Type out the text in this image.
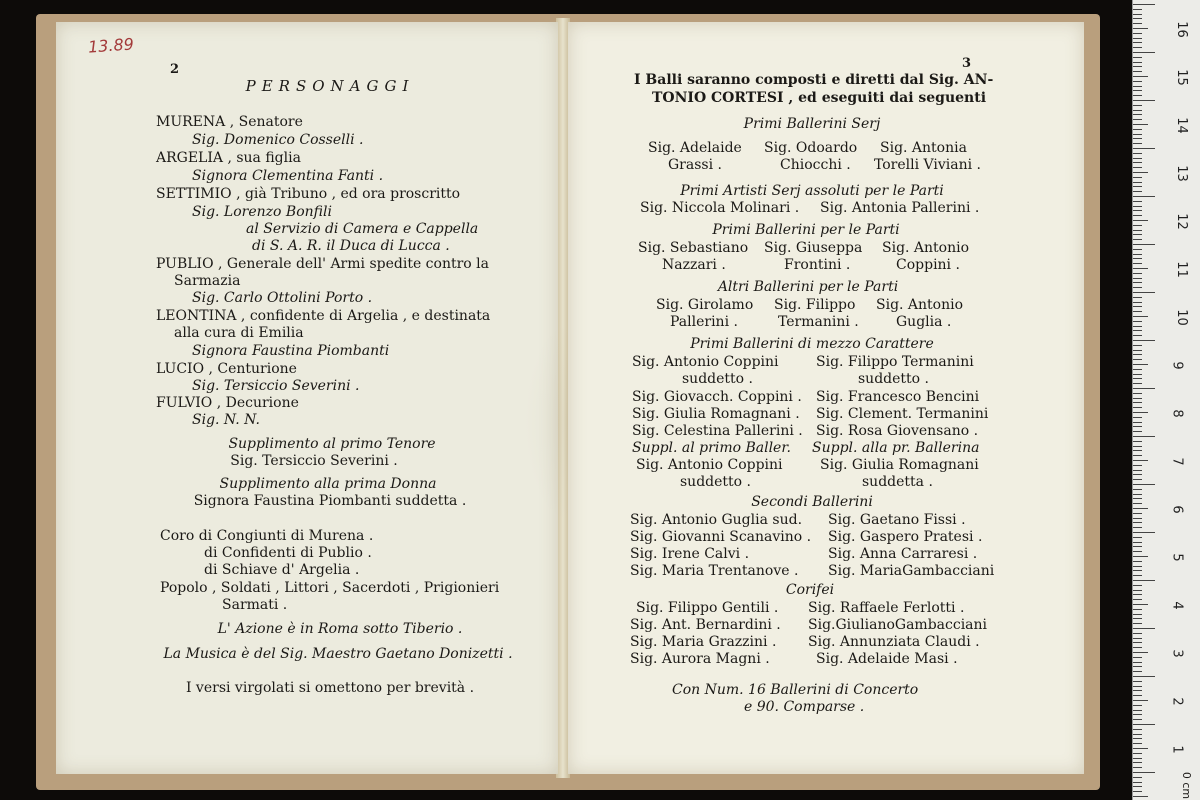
2
13.89
PERSONAGGI
MURENA , Senatore
Sig. Domenico Cosselli .
ARGELIA , sua figlia
Signora Clementina Fanti .
SETTIMIO , già Tribuno , ed ora proscritto
Sig. Lorenzo Bonfili
al Servizio di Camera e Cappella
di S. A. R. il Duca di Lucca .
PUBLIO , Generale dell' Armi spedite contro la
Sarmazia
Sig. Carlo Ottolini Porto .
LEONTINA , confidente di Argelia , e destinata
alla cura di Emilia
Signora Faustina Piombanti
LUCIO , Centurione
Sig. Tersiccio Severini .
FULVIO , Decurione
Sig. N. N.
Supplimento al primo Tenore
Sig. Tersiccio Severini .
Supplimento alla prima Donna
Signora Faustina Piombanti suddetta .
Coro di Congiunti di Murena .
di Confidenti di Publio .
di Schiave d' Argelia .
Popolo , Soldati , Littori , Sacerdoti , Prigionieri
Sarmati .
L' Azione è in Roma sotto Tiberio .
La Musica è del Sig. Maestro Gaetano Donizetti .
I versi virgolati si omettono per brevità .
3
I Balli saranno composti e diretti dal Sig. AN-
TONIO CORTESI , ed eseguiti dai seguenti
Primi Ballerini Serj
Sig. Adelaide Sig. Odoardo Sig. Antonia
Grassi .	Chiocchi . Torelli Viviani .
Primi Artisti Serj assoluti per le Parti
Sig. Niccola Molinari . Sig. Antonia Pallerini .
Primi Ballerini per le Parti
Sig. Sebastiano Sig. Giuseppa Sig. Antonio
Nazzari .	Frontini .	Coppini .
Altri Ballerini per le Parti
Sig. Girolamo Sig. Filippo Sig. Antonio
Pallerini .	Termanini .	Guglia .
Primi Ballerini di mezzo Carattere
Sig. Antonio Coppini	Sig. Filippo Termanini
suddetto .	suddetto .
Sig. Giovacch. Coppini . Sig. Francesco Bencini
Sig. Giulia Romagnani . Sig. Clement. Termanini
Sig. Celestina Pallerini . Sig. Rosa Giovensano .
Suppl. al primo Baller. Suppl. alla pr. Ballerina
Sig. Antonio Coppini	Sig. Giulia Romagnani
suddetto .	suddetta .
Secondi Ballerini
Sig. Antonio Guglia sud. Sig. Gaetano Fissi .
Sig. Giovanni Scanavino . Sig. Gaspero Pratesi .
Sig. Irene Calvi .	Sig. Anna Carraresi .
Sig. Maria Trentanove . Sig. MariaGambacciani
Corifei
Sig. Filippo Gentili . Sig. Raffaele Ferlotti .
Sig. Ant. Bernardini . Sig.GiulianoGambacciani
Sig. Maria Grazzini . Sig. Annunziata Claudi .
Sig. Aurora Magni .	Sig. Adelaide Masi .
Con Num. 16 Ballerini di Concerto
e 90. Comparse .
16
15
14
13
12
11
10
9
8
7
6
5
4
3
2
1
0 cm
